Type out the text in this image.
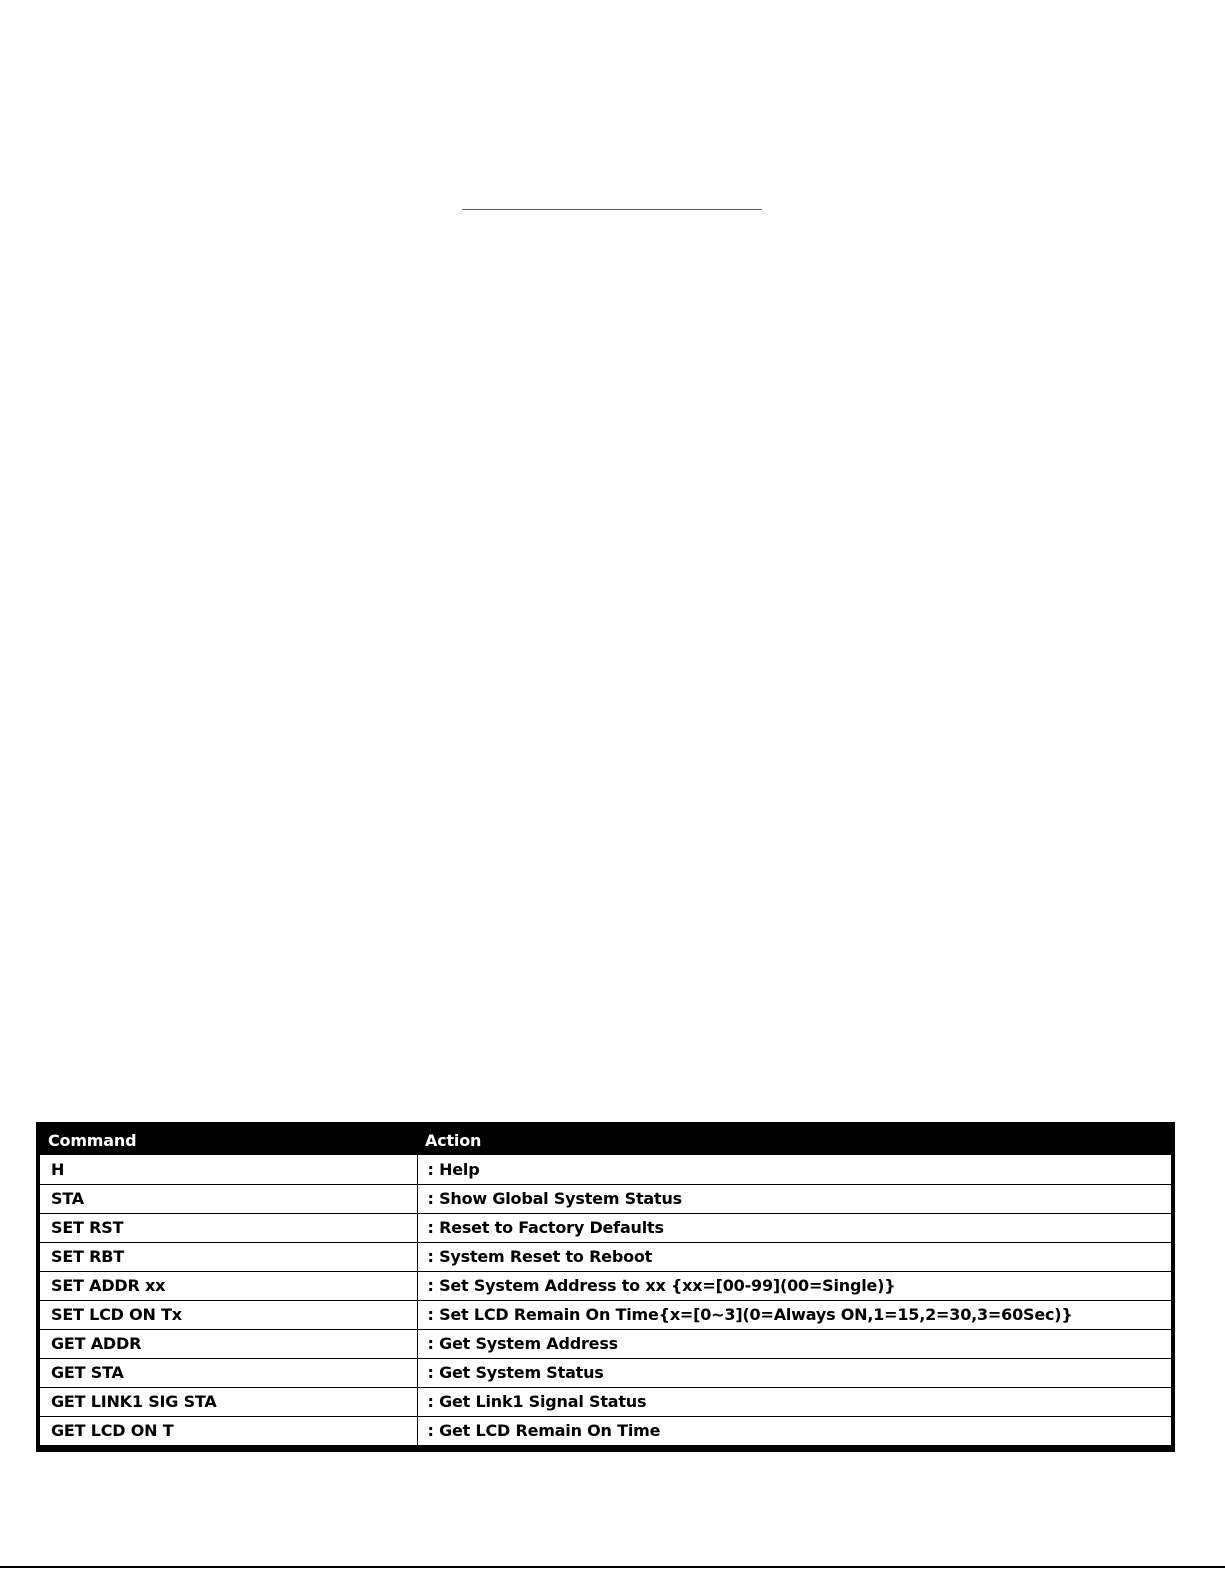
Command	Action
H	: Help
STA	: Show Global System Status
SET RST	: Reset to Factory Defaults
SET RBT	: System Reset to Reboot
SET ADDR xx	: Set System Address to xx {xx=[00-99](00=Single)}
SET LCD ON Tx	: Set LCD Remain On Time{x=[0~3](0=Always ON,1=15,2=30,3=60Sec)}
GET ADDR	: Get System Address
GET STA	: Get System Status
GET LINK1 SIG STA	: Get Link1 Signal Status
GET LCD ON T	: Get LCD Remain On Time
